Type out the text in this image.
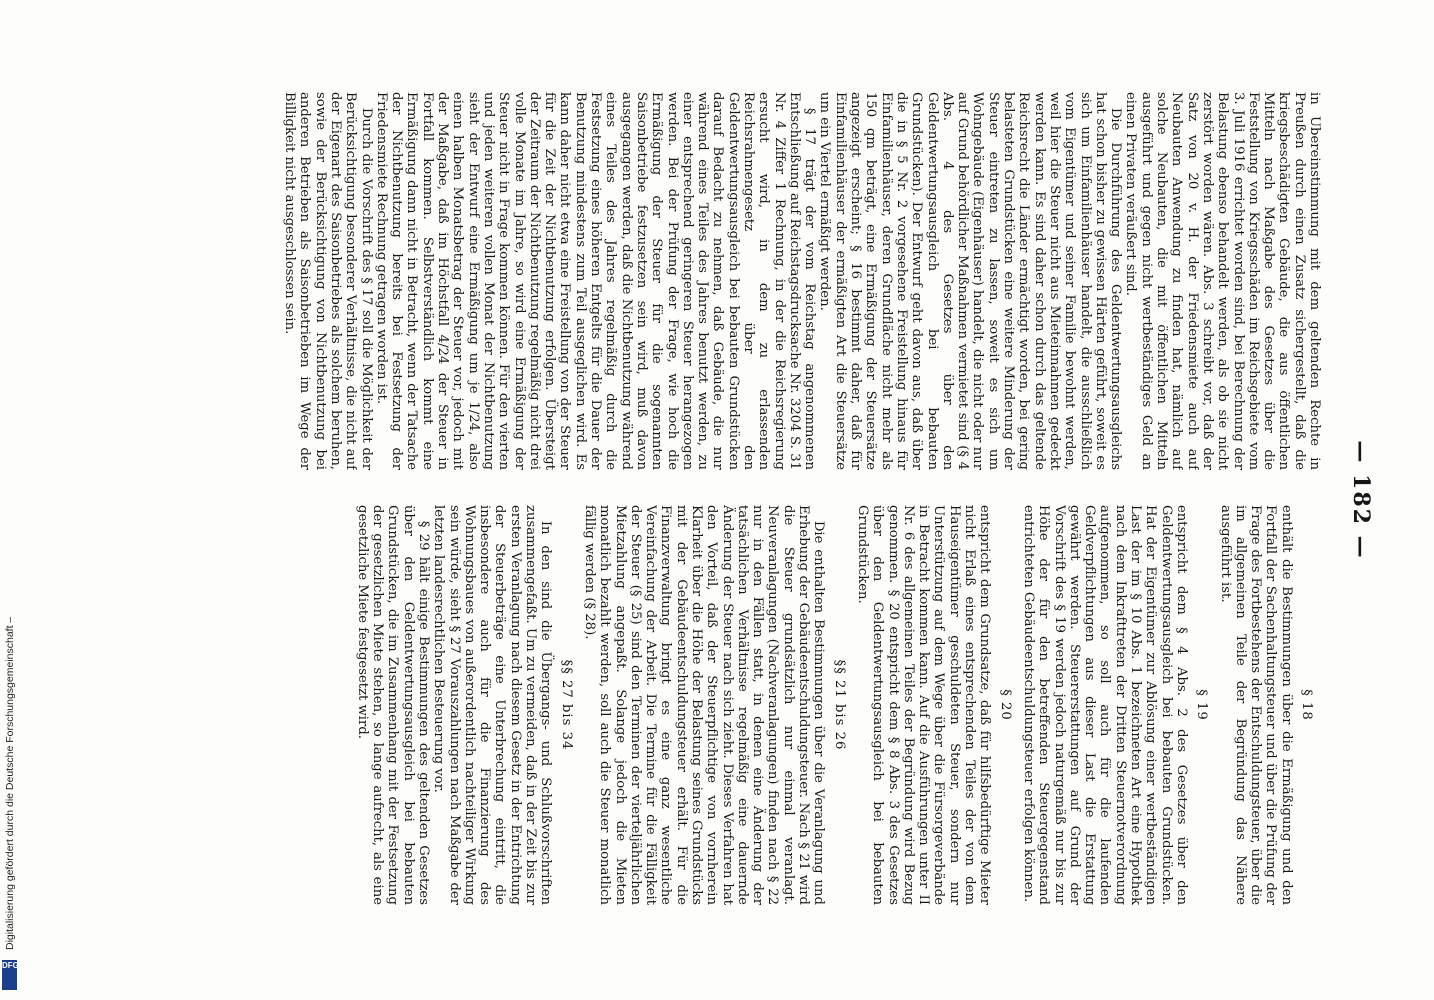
— 182 —

in Übereinstimmung mit dem geltenden Rechte in Preußen durch einen Zusatz sichergestellt, daß die kriegsbeschädigten Gebäude, die aus öffentlichen Mitteln nach Maßgabe des Gesetzes über die Feststellung von Kriegsschäden im Reichsgebiete vom 3. Juli 1916 errichtet worden sind, bei Berechnung der Belastung ebenso behandelt werden, als ob sie nicht zerstört worden wären. Abs. 3 schreibt vor, daß der Satz von 20 v. H. der Friedensmiete auch auf Neubauten Anwendung zu finden hat, nämlich auf solche Neubauten, die mit öffentlichen Mitteln ausgeführt und gegen nicht wertbeständiges Geld an einen Privaten veräußert sind.

Die Durchführung des Geldentwertungsausgleichs hat schon bisher zu gewissen Härten geführt, soweit es sich um Einfamilienhäuser handelt, die ausschließlich vom Eigentümer und seiner Familie bewohnt werden, weil hier die Steuer nicht aus Mieteinnahmen gedeckt werden kann. Es sind daher schon durch das geltende Reichsrecht die Länder ermächtigt worden, bei gering belasteten Grundstücken eine weitere Minderung der Steuer eintreten zu lassen, soweit es sich um Wohngebäude (Eigenhäuser) handelt, die nicht oder nur auf Grund behördlicher Maßnahmen vermietet sind (§ 4 Abs. 4 des Gesetzes über den Geldentwertungsausgleich bei bebauten Grundstücken). Der Entwurf geht davon aus, daß über die in § 5 Nr. 2 vorgesehene Freistellung hinaus für Einfamilienhäuser, deren Grundfläche nicht mehr als 150 qm beträgt, eine Ermäßigung der Steuersätze angezeigt erscheint; § 16 bestimmt daher, daß für Einfamilienhäuser der ermäßigten Art die Steuersätze um ein Viertel ermäßigt werden.

§ 17 trägt der vom Reichstag angenommenen Entschließung auf Reichstagsdrucksache Nr. 3204 S. 31 Nr. 4 Ziffer 1 Rechnung, in der die Reichsregierung ersucht wird, in dem zu erlassenden Reichsrahmengesetz über den Geldentwertungsausgleich bei bebauten Grundstücken darauf Bedacht zu nehmen, daß Gebäude, die nur während eines Teiles des Jahres benutzt werden, zu einer entsprechend geringeren Steuer herangezogen werden. Bei der Prüfung der Frage, wie hoch die Ermäßigung der Steuer für die sogenannten Saisonbetriebe festzusetzen sein wird, muß davon ausgegangen werden, daß die Nichtbenutzung während eines Teiles des Jahres regelmäßig durch die Festsetzung eines höheren Entgelts für die Dauer der Benutzung mindestens zum Teil ausgeglichen wird. Es kann daher nicht etwa eine Freistellung von der Steuer für die Zeit der Nichtbenutzung erfolgen. Übersteigt der Zeitraum der Nichtbenutzung regelmäßig nicht drei volle Monate im Jahre, so wird eine Ermäßigung der Steuer nicht in Frage kommen können. Für den vierten und jeden weiteren vollen Monat der Nichtbenutzung sieht der Entwurf eine Ermäßigung um je 1/24, also einen halben Monatsbetrag der Steuer vor, jedoch mit der Maßgabe, daß im Höchstfall 4/24 der Steuer in Fortfall kommen. Selbstverständlich kommt eine Ermäßigung dann nicht in Betracht, wenn der Tatsache der Nichtbenutzung bereits bei Festsetzung der Friedensmiete Rechnung getragen worden ist.

Durch die Vorschrift des § 17 soll die Möglichkeit der Berücksichtigung besonderer Verhältnisse, die nicht auf der Eigenart des Saisonbetriebes als solchem beruhen, sowie der Berücksichtigung von Nichtbenutzung bei anderen Betrieben als Saisonbetrieben im Wege der Billigkeit nicht ausgeschlossen sein.

§ 18

enthält die Bestimmungen über die Ermäßigung und den Fortfall der Sachenhaltungsteuer und über die Prüfung der Frage des Fortbestehens der Entschuldungsteuer, über die im allgemeinen Teile der Begründung das Nähere ausgeführt ist.

§ 19

entspricht dem § 4 Abs. 2 des Gesetzes über den Geldentwertungsausgleich bei bebauten Grundstücken. Hat der Eigentümer zur Ablösung einer wertbeständigen Last der im § 10 Abs. 1 bezeichneten Art eine Hypothek nach dem Inkrafttreten der Dritten Steuernotverordnung aufgenommen, so soll auch für die laufenden Geldverpflichtungen aus dieser Last die Erstattung gewährt werden. Steuererstattungen auf Grund der Vorschrift des § 19 werden jedoch naturgemäß nur bis zur Höhe der für den betreffenden Steuergegenstand entrichteten Gebäudeentschuldungsteuer erfolgen können.

§ 20

entspricht dem Grundsatze, daß für hilfsbedürftige Mieter nicht Erlaß eines entsprechenden Teiles der von dem Hauseigentümer geschuldeten Steuer, sondern nur Unterstützung auf dem Wege über die Fürsorgeverbände in Betracht kommen kann. Auf die Ausführungen unter II Nr. 6 des allgemeinen Teiles der Begründung wird Bezug genommen. § 20 entspricht dem § 8 Abs. 3 des Gesetzes über den Geldentwertungsausgleich bei bebauten Grundstücken.

§§ 21 bis 26

Die enthalten Bestimmungen über die Veranlagung und Erhebung der Gebäudeentschuldungsteuer. Nach § 21 wird die Steuer grundsätzlich nur einmal veranlagt. Neuveranlagungen (Nachveranlagungen) finden nach § 22 nur in den Fällen statt, in denen eine Änderung der tatsächlichen Verhältnisse regelmäßig eine dauernde Änderung der Steuer nach sich zieht. Dieses Verfahren hat den Vorteil, daß der Steuerpflichtige von vornherein Klarheit über die Höhe der Belastung seines Grundstücks mit der Gebäudeentschuldungsteuer erhält. Für die Finanzverwaltung bringt es eine ganz wesentliche Vereinfachung der Arbeit. Die Termine für die Fälligkeit der Steuer (§ 25) sind den Terminen der vierteljährlichen Mietzahlung angepaßt. Solange jedoch die Mieten monatlich bezahlt werden, soll auch die Steuer monatlich fällig werden (§ 28).

§§ 27 bis 34

In den sind die Übergangs- und Schlußvorschriften zusammengefaßt. Um zu vermeiden, daß in der Zeit bis zur ersten Veranlagung nach diesem Gesetz in der Entrichtung der Steuerbeträge eine Unterbrechung eintritt, die insbesondere auch für die Finanzierung des Wohnungsbaues von außerordentlich nachteiliger Wirkung sein würde, sieht § 27 Vorauszahlungen nach Maßgabe der letzten landesrechtlichen Besteuerung vor.

§ 29 hält einige Bestimmungen des geltenden Gesetzes über den Geldentwertungsausgleich bei bebauten Grundstücken, die im Zusammenhang mit der Festsetzung der gesetzlichen Miete stehen, so lange aufrecht, als eine gesetzliche Miete festgesetzt wird.

Digitalisierung gefördert durch die Deutsche Forschungsgemeinschaft –
DFG
